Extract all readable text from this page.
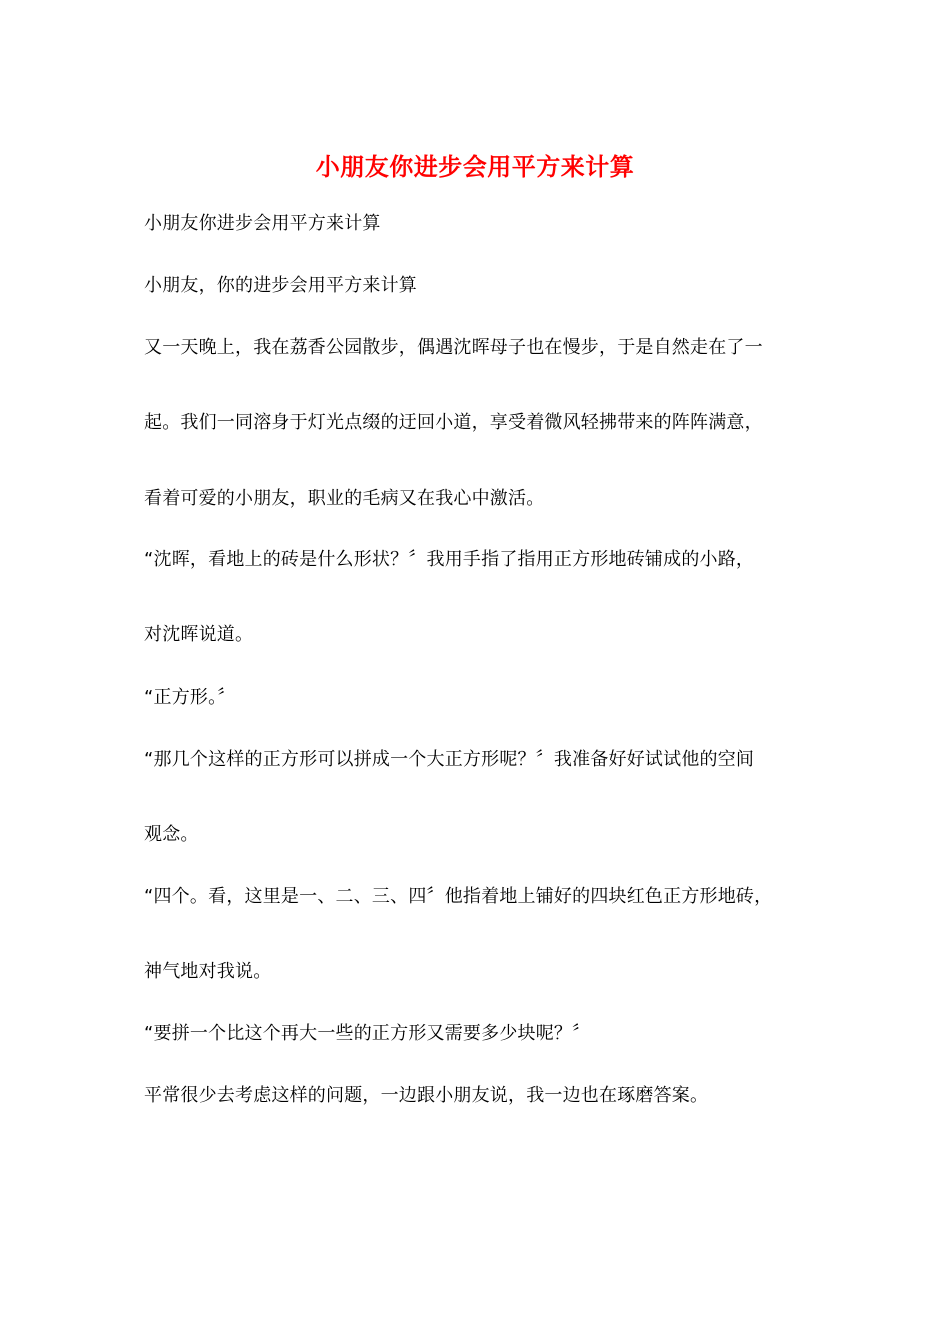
小朋友你进步会用平方来计算
小朋友你进步会用平方来计算
小朋友，你的进步会用平方来计算
又一天晚上，我在荔香公园散步，偶遇沈晖母子也在慢步，于是自然走在了一
起。我们一同溶身于灯光点缀的迂回小道，享受着微风轻拂带来的阵阵满意，
看着可爱的小朋友，职业的毛病又在我心中激活。
“沈晖，看地上的砖是什么形状？〞我用手指了指用正方形地砖铺成的小路，
对沈晖说道。
“正方形。〞
“那几个这样的正方形可以拼成一个大正方形呢？〞我准备好好试试他的空间
观念。
“四个。看，这里是一、二、三、四〞他指着地上铺好的四块红色正方形地砖，
神气地对我说。
“要拼一个比这个再大一些的正方形又需要多少块呢？〞
平常很少去考虑这样的问题，一边跟小朋友说，我一边也在琢磨答案。
